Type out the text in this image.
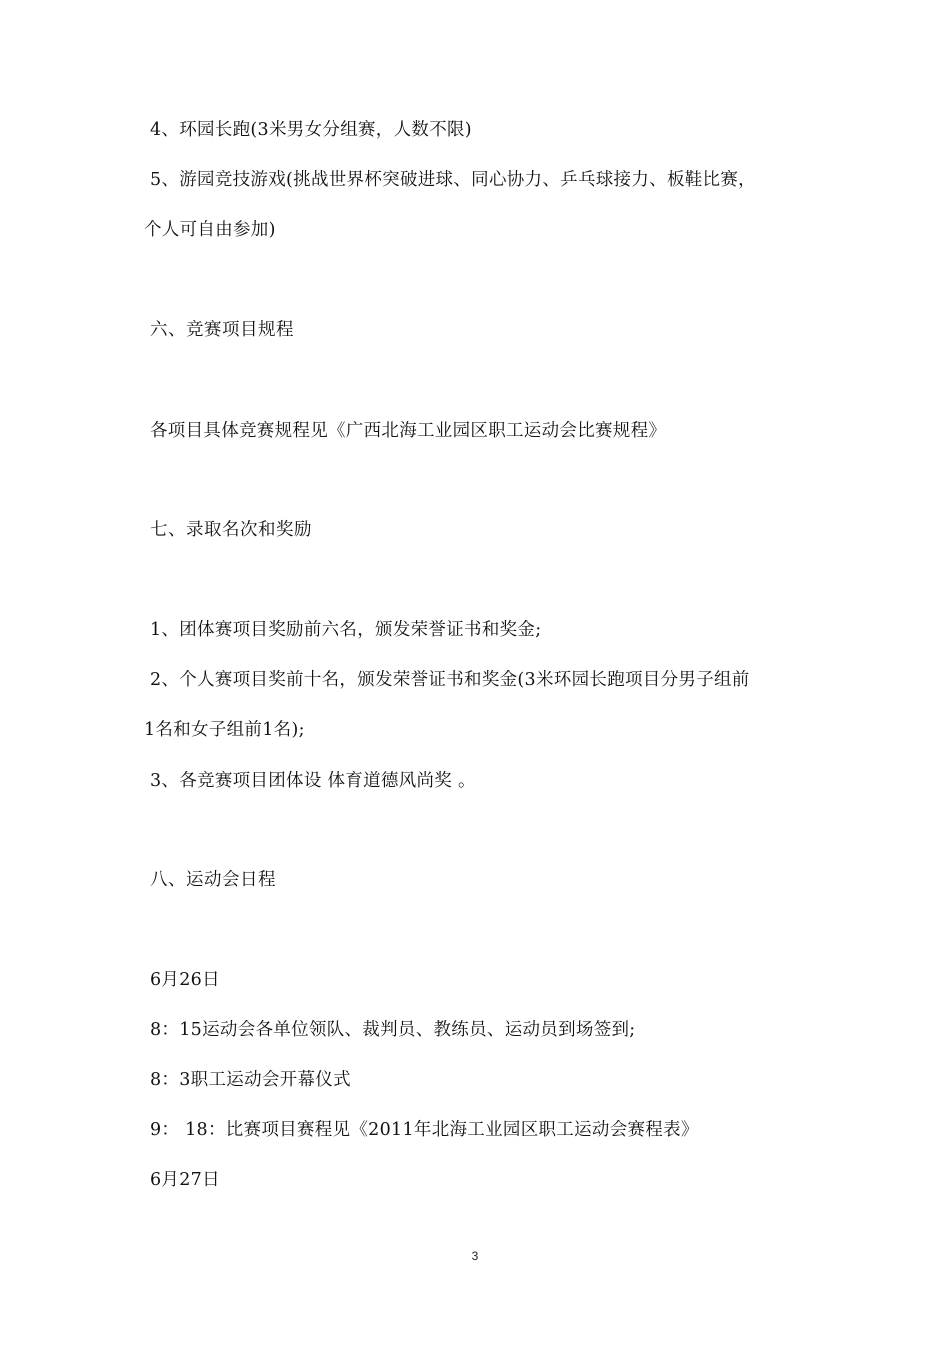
4、环园长跑(3米男女分组赛，人数不限)
5、游园竞技游戏(挑战世界杯突破进球、同心协力、乒乓球接力、板鞋比赛，
个人可自由参加)
六、竞赛项目规程
各项目具体竞赛规程见《广西北海工业园区职工运动会比赛规程》
七、录取名次和奖励
1、团体赛项目奖励前六名，颁发荣誉证书和奖金;
2、个人赛项目奖前十名，颁发荣誉证书和奖金(3米环园长跑项目分男子组前
1名和女子组前1名);
3、各竞赛项目团体设 体育道德风尚奖 。
八、运动会日程
6月26日
8：15运动会各单位领队、裁判员、教练员、运动员到场签到;
8：3职工运动会开幕仪式
9： 18：比赛项目赛程见《2011年北海工业园区职工运动会赛程表》
6月27日
3
